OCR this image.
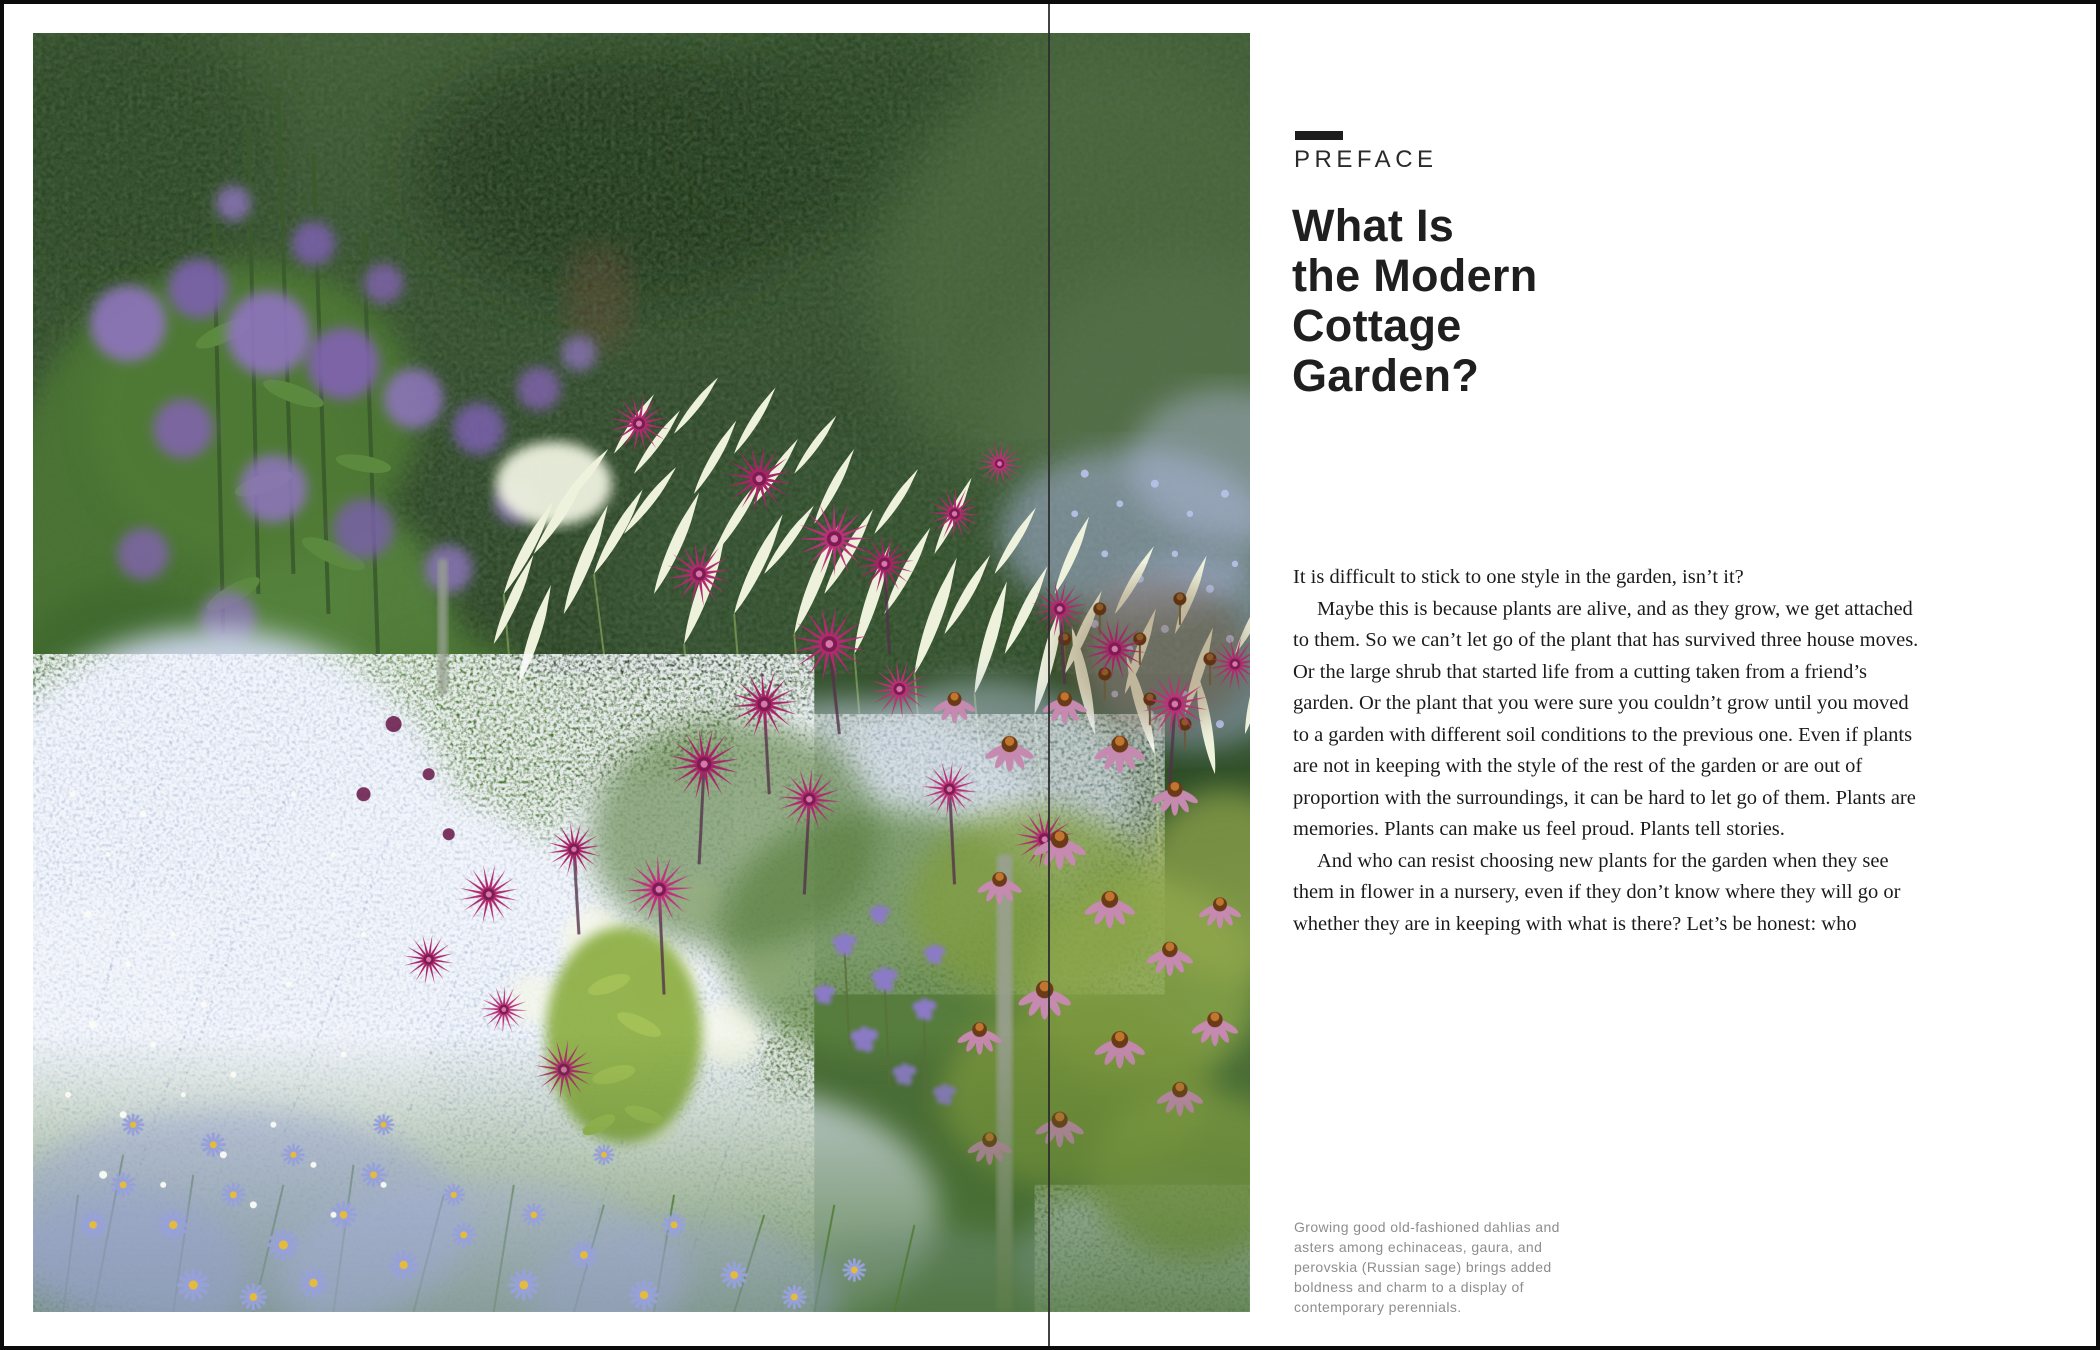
PREFACE
What Is
the Modern
Cottage
Garden?

It is difficult to stick to one style in the garden, isn’t it?

Maybe this is because plants are alive, and as they grow, we get attached to them. So we can’t let go of the plant that has survived three house moves. Or the large shrub that started life from a cutting taken from a friend’s garden. Or the plant that you were sure you couldn’t grow until you moved to a garden with different soil conditions to the previous one. Even if plants are not in keeping with the style of the rest of the garden or are out of proportion with the surroundings, it can be hard to let go of them. Plants are memories. Plants can make us feel proud. Plants tell stories.

And who can resist choosing new plants for the garden when they see them in flower in a nursery, even if they don’t know where they will go or whether they are in keeping with what is there? Let’s be honest: who

Growing good old-fashioned dahlias and asters among echinaceas, gaura, and perovskia (Russian sage) brings added boldness and charm to a display of contemporary perennials.
